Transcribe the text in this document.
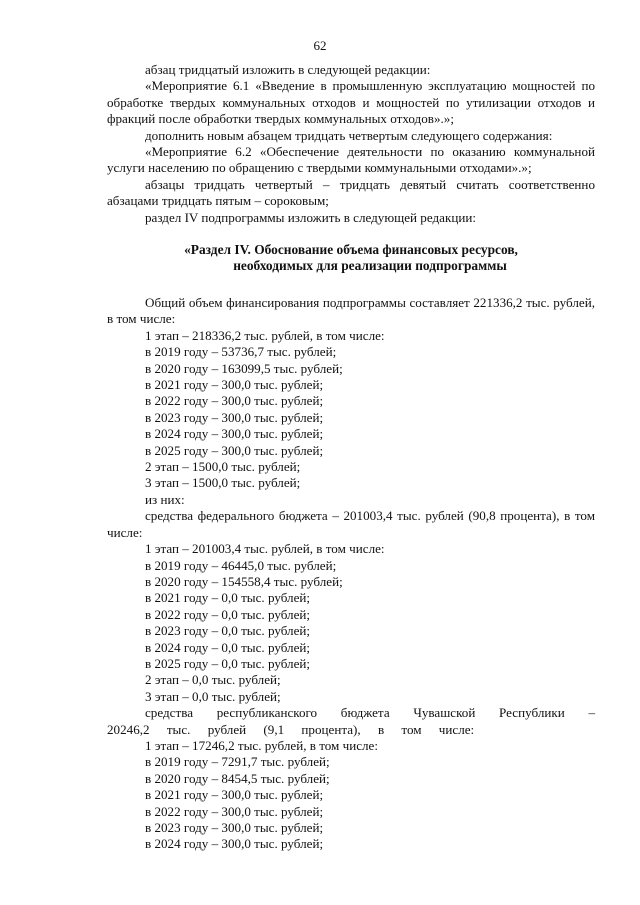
62

абзац тридцатый изложить в следующей редакции:

«Мероприятие 6.1 «Введение в промышленную эксплуатацию мощностей по обработке твердых коммунальных отходов и мощностей по утилизации отходов и фракций после обработки твердых коммунальных отходов».»;

дополнить новым абзацем тридцать четвертым следующего содержания:

«Мероприятие 6.2 «Обеспечение деятельности по оказанию коммунальной услуги населению по обращению с твердыми коммунальными отходами».»;

абзацы тридцать четвертый – тридцать девятый считать соответственно абзацами тридцать пятым – сороковым;

раздел IV подпрограммы изложить в следующей редакции:

«Раздел IV. Обоснование объема финансовых ресурсов,

необходимых для реализации подпрограммы

Общий объем финансирования подпрограммы составляет 221336,2 тыс. рублей, в том числе:

1 этап – 218336,2 тыс. рублей, в том числе:

в 2019 году – 53736,7 тыс. рублей;

в 2020 году – 163099,5 тыс. рублей;

в 2021 году – 300,0 тыс. рублей;

в 2022 году – 300,0 тыс. рублей;

в 2023 году – 300,0 тыс. рублей;

в 2024 году – 300,0 тыс. рублей;

в 2025 году – 300,0 тыс. рублей;

2 этап – 1500,0 тыс. рублей;

3 этап – 1500,0 тыс. рублей;

из них:

средства федерального бюджета – 201003,4 тыс. рублей (90,8 процента), в том числе:

1 этап – 201003,4 тыс. рублей, в том числе:

в 2019 году – 46445,0 тыс. рублей;

в 2020 году – 154558,4 тыс. рублей;

в 2021 году – 0,0 тыс. рублей;

в 2022 году – 0,0 тыс. рублей;

в 2023 году – 0,0 тыс. рублей;

в 2024 году – 0,0 тыс. рублей;

в 2025 году – 0,0 тыс. рублей;

2 этап – 0,0 тыс. рублей;

3 этап – 0,0 тыс. рублей;

средства республиканского бюджета Чувашской Республики – 20246,2 тыс. рублей (9,1 процента), в том числе:

1 этап – 17246,2 тыс. рублей, в том числе:

в 2019 году – 7291,7 тыс. рублей;

в 2020 году – 8454,5 тыс. рублей;

в 2021 году – 300,0 тыс. рублей;

в 2022 году – 300,0 тыс. рублей;

в 2023 году – 300,0 тыс. рублей;

в 2024 году – 300,0 тыс. рублей;
